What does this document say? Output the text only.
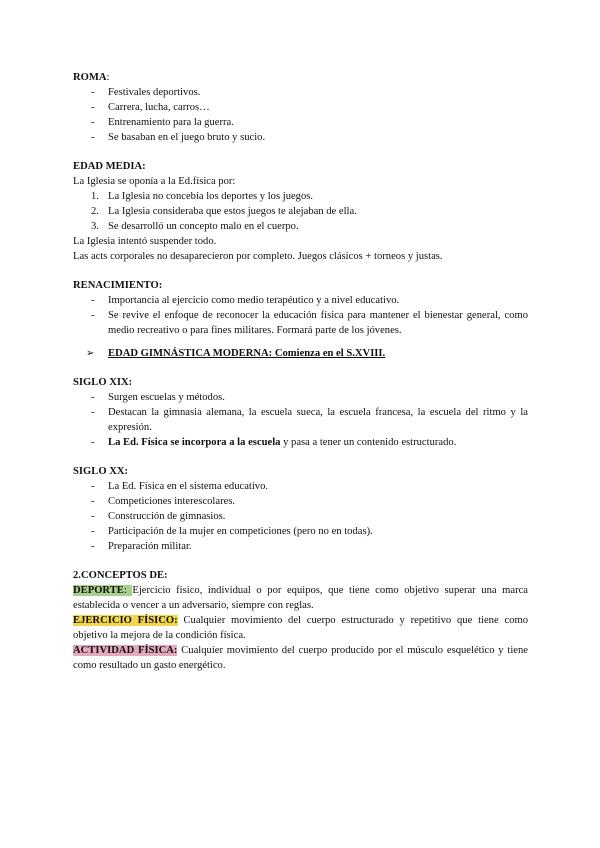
ROMA:
-	Festivales deportivos.
-	Carrera, lucha, carros…
-	Entrenamiento para la guerra.
-	Se basaban en el juego bruto y sucio.
EDAD MEDIA:
La Iglesia se oponía a la Ed.física por:
1. La Iglesia no concebía los deportes y los juegos.
2. La Iglesia consideraba que estos juegos te alejaban de ella.
3. Se desarrolló un concepto malo en el cuerpo.
La Iglesia intentó suspender todo.
Las acts corporales no desaparecieron por completo. Juegos clásicos + torneos y justas.
RENACIMIENTO:
-	Importancia al ejercicio como medio terapéutico y a nivel educativo.
-	Se revive el enfoque de reconocer la educación física para mantener el bienestar general, como medio recreativo o para fines militares. Formará parte de los jóvenes.
➢	EDAD GIMNÁSTICA MODERNA: Comienza en el S.XVIII.
SIGLO XIX:
-	Surgen escuelas y métodos.
-	Destacan la gimnasia alemana, la escuela sueca, la escuela francesa, la escuela del ritmo y la expresión.
-	La Ed. Física se incorpora a la escuela y pasa a tener un contenido estructurado.
SIGLO XX:
-	La Ed. Física en el sistema educativo.
-	Competiciones interescolares.
-	Construcción de gimnasios.
-	Participación de la mujer en competiciones (pero no en todas).
-	Preparación militar.
2.CONCEPTOS DE:
DEPORTE: Ejercicio físico, individual o por equipos, que tiene como objetivo superar una marca establecida o vencer a un adversario, siempre con reglas.
EJERCICIO FÍSICO: Cualquier movimiento del cuerpo estructurado y repetitivo que tiene como objetivo la mejora de la condición física.
ACTIVIDAD FÍSICA: Cualquier movimiento del cuerpo producido por el músculo esquelético y tiene como resultado un gasto energético.
